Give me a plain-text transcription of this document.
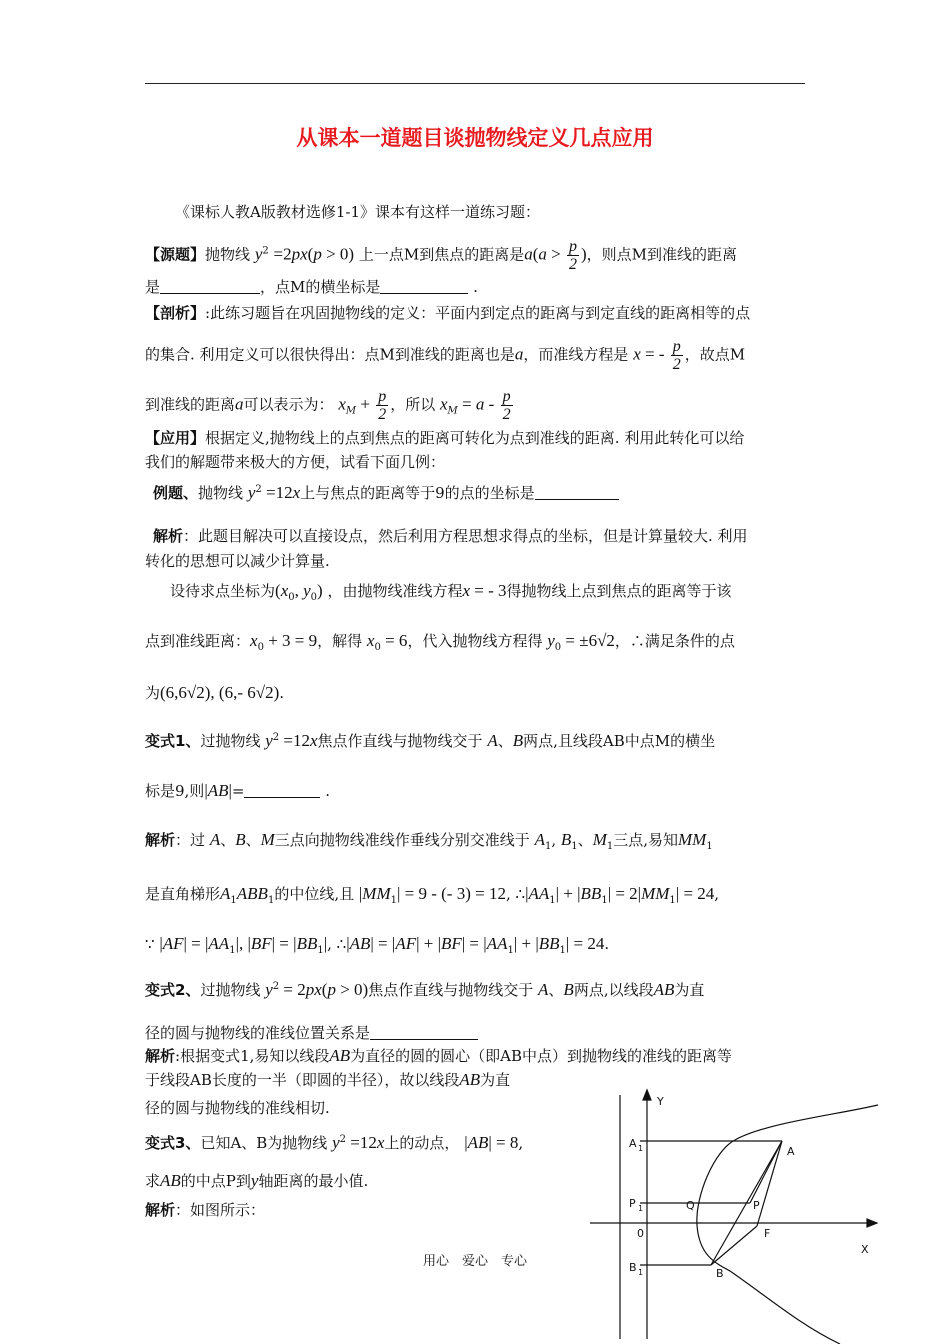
从课本一道题目谈抛物线定义几点应用
《课标人教A版教材选修1-1》课本有这样一道练习题：
【源题】抛物线 $y^2 =2px(p > 0)$ 上一点M到焦点的距离是$a(a > \frac{p}{2}$ )，则点M到准线的距离
是	，点M的横坐标是	.
【剖析】:此练习题旨在巩固抛物线的定义：平面内到定点的距离与到定直线的距离相等的点
的集合. 利用定义可以很快得出：点M到准线的距离也是a，而准线方程是 x = - $\frac{p}{2}$ ，故点M
到准线的距离a可以表示为： $x_M + \frac{p}{2}$ ，所以 $x_M = a - \frac{p}{2}$
【应用】根据定义,抛物线上的点到焦点的距离可转化为点到准线的距离. 利用此转化可以给
我们的解题带来极大的方便，试看下面几例：
例题、抛物线 $y^2 =12x$上与焦点的距离等于9的点的坐标是
解析：此题目解决可以直接设点，然后利用方程思想求得点的坐标，但是计算量较大. 利用
转化的思想可以减少计算量.
设待求点坐标为($x_0$, $y_0$) ，由抛物线准线方程x = - 3得抛物线上点到焦点的距离等于该
点到准线距离：$x_0 + 3 = 9$，解得 $x_0 = 6$，代入抛物线方程得 $y_0 = \pm 6√2$，∴满足条件的点
为(6,6√2), (6,- 6√2).
变式1、过抛物线 $y^2 =12x$焦点作直线与抛物线交于 A、B两点,且线段AB中点M的横坐
标是9,则|AB|=	.
解析：过 A、B、M三点向抛物线准线作垂线分别交准线于 $A_1$, $B_1$、$M_1$三点,易知$MM_1$
是直角梯形$A_1ABB_1$的中位线,且 $|MM_1| = 9$ - (- 3) = 12, $\therefore|AA_1| + |BB_1| = 2|MM_1| = 24$,
∵ $|AF| = |AA_1|$, $|BF| = |BB_1|$, ∴|AB| = $|AF| + |BF| = |AA_1| + |BB_1| = 24$.
变式2、过抛物线 $y^2 = 2px(p > 0)$焦点作直线与抛物线交于 A、B两点,以线段AB为直
径的圆与抛物线的准线位置关系是
解析:根据变式1,易知以线段AB为直径的圆的圆心（即AB中点）到抛物线的准线的距离等
于线段AB长度的一半（即圆的半径），故以线段AB为直
径的圆与抛物线的准线相切.
变式3、已知A、B为抛物线 $y^2 =12x$上的动点， |AB| = 8,
求AB的中点P到y轴距离的最小值.
解析：如图所示：
Y
X
0
A
A 1
P 1
B 1
Q	P
F
B
用心　爱心　专心
